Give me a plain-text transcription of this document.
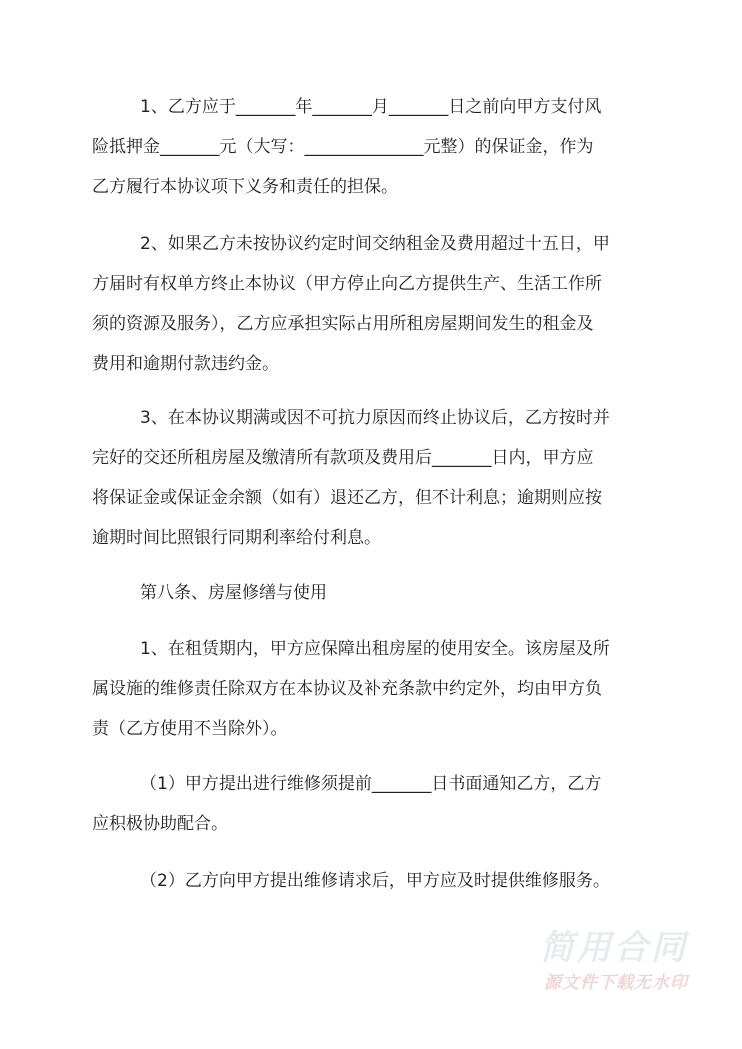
1、乙方应于_______年_______月_______日之前向甲方支付风
险抵押金_______元（大写：______________元整）的保证金，作为
乙方履行本协议项下义务和责任的担保。
2、如果乙方未按协议约定时间交纳租金及费用超过十五日，甲
方届时有权单方终止本协议（甲方停止向乙方提供生产、生活工作所
须的资源及服务），乙方应承担实际占用所租房屋期间发生的租金及
费用和逾期付款违约金。
3、在本协议期满或因不可抗力原因而终止协议后，乙方按时并
完好的交还所租房屋及缴清所有款项及费用后_______日内，甲方应
将保证金或保证金余额（如有）退还乙方，但不计利息；逾期则应按
逾期时间比照银行同期利率给付利息。
第八条、房屋修缮与使用
1、在租赁期内，甲方应保障出租房屋的使用安全。该房屋及所
属设施的维修责任除双方在本协议及补充条款中约定外，均由甲方负
责（乙方使用不当除外）。
（1）甲方提出进行维修须提前_______日书面通知乙方，乙方
应积极协助配合。
（2）乙方向甲方提出维修请求后，甲方应及时提供维修服务。
简用合同
源文件下载无水印
